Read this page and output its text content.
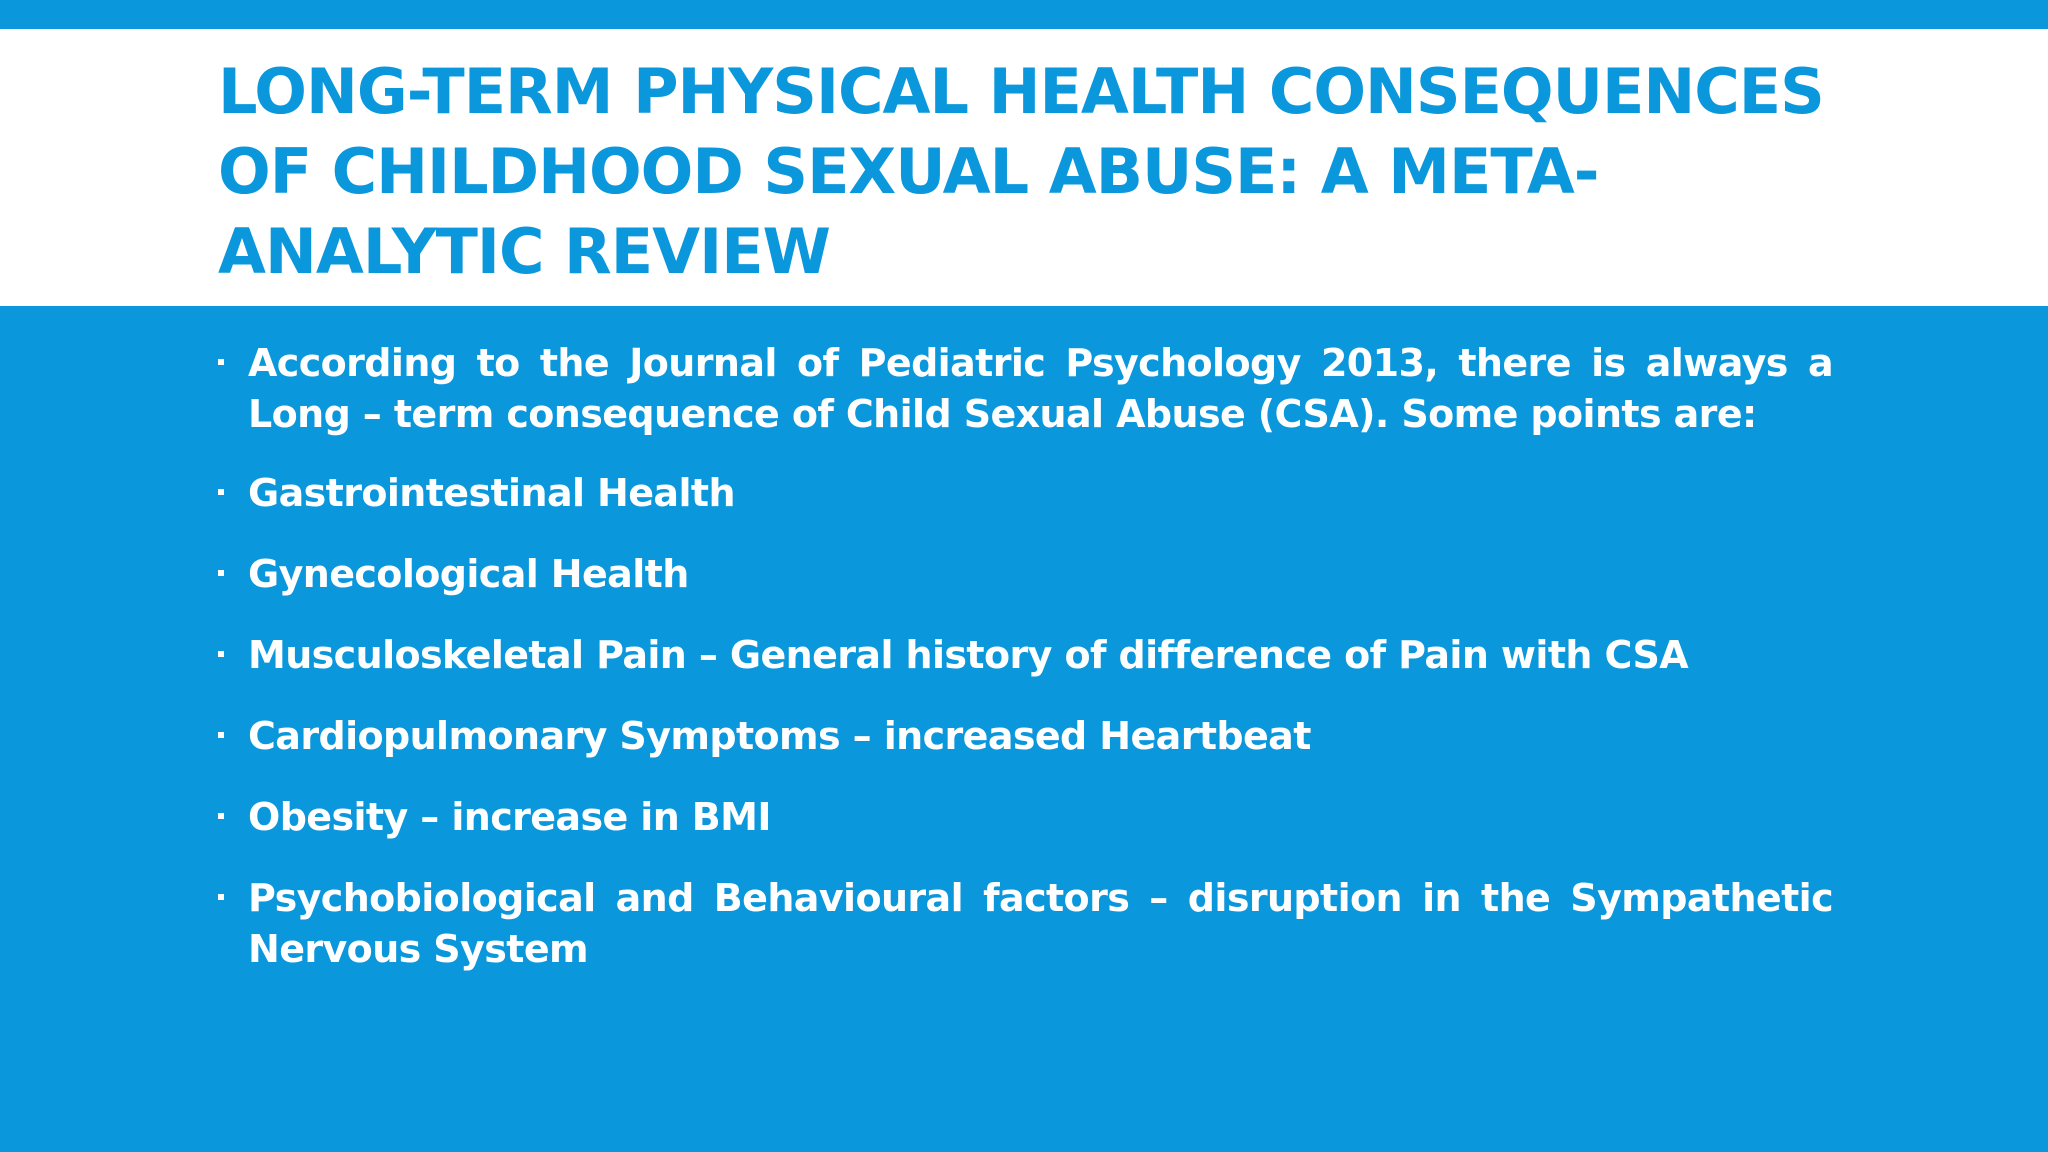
LONG-TERM PHYSICAL HEALTH CONSEQUENCES OF CHILDHOOD SEXUAL ABUSE: A META-ANALYTIC REVIEW
According to the Journal of Pediatric Psychology 2013, there is always a Long – term consequence of Child Sexual Abuse (CSA). Some points are:
Gastrointestinal Health
Gynecological Health
Musculoskeletal Pain – General history of difference of Pain with CSA
Cardiopulmonary Symptoms – increased Heartbeat
Obesity – increase in BMI
Psychobiological and Behavioural factors – disruption in the Sympathetic Nervous System
